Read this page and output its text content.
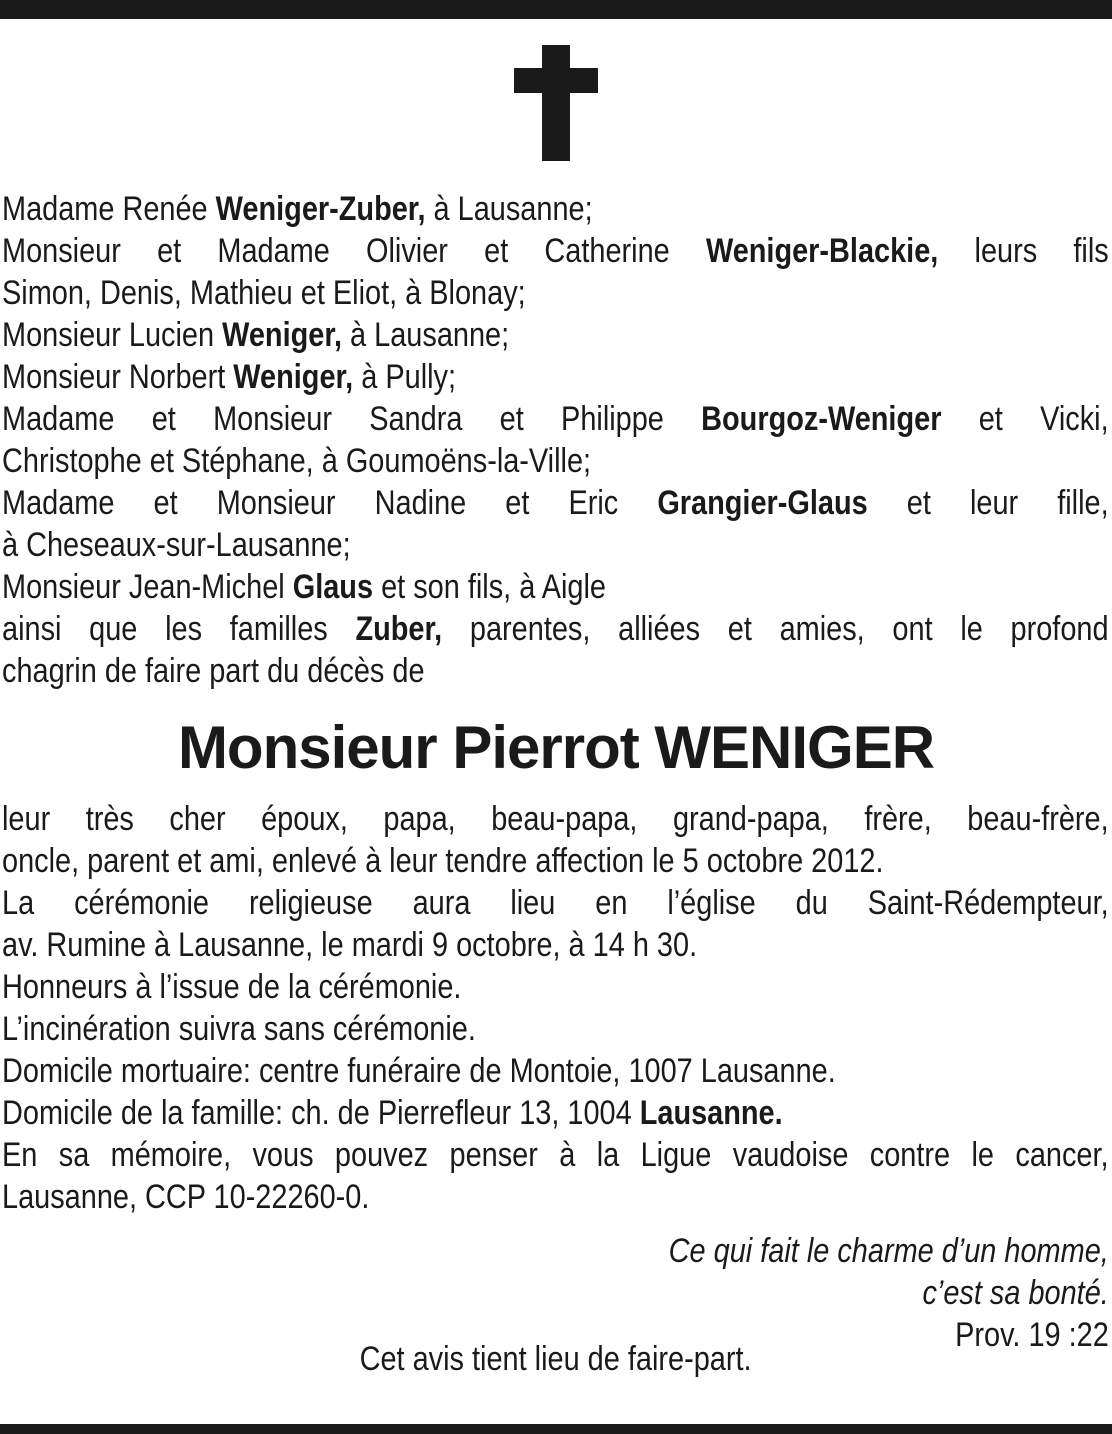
Madame Renée Weniger-Zuber, à Lausanne;
Monsieur et Madame Olivier et Catherine Weniger-Blackie, leurs fils
Simon, Denis, Mathieu et Eliot, à Blonay;
Monsieur Lucien Weniger, à Lausanne;
Monsieur Norbert Weniger, à Pully;
Madame et Monsieur Sandra et Philippe Bourgoz-Weniger et Vicki,
Christophe et Stéphane, à Goumoëns-la-Ville;
Madame et Monsieur Nadine et Eric Grangier-Glaus et leur fille,
à Cheseaux-sur-Lausanne;
Monsieur Jean-Michel Glaus et son fils, à Aigle
ainsi que les familles Zuber, parentes, alliées et amies, ont le profond
chagrin de faire part du décès de
Monsieur Pierrot WENIGER
leur très cher époux, papa, beau-papa, grand-papa, frère, beau-frère,
oncle, parent et ami, enlevé à leur tendre affection le 5 octobre 2012.
La cérémonie religieuse aura lieu en l’église du Saint-Rédempteur,
av. Rumine à Lausanne, le mardi 9 octobre, à 14 h 30.
Honneurs à l’issue de la cérémonie.
L’incinération suivra sans cérémonie.
Domicile mortuaire: centre funéraire de Montoie, 1007 Lausanne.
Domicile de la famille: ch. de Pierrefleur 13, 1004 Lausanne.
En sa mémoire, vous pouvez penser à la Ligue vaudoise contre le cancer,
Lausanne, CCP 10-22260-0.
Ce qui fait le charme d’un homme,
c’est sa bonté.
Prov. 19 :22
Cet avis tient lieu de faire-part.
